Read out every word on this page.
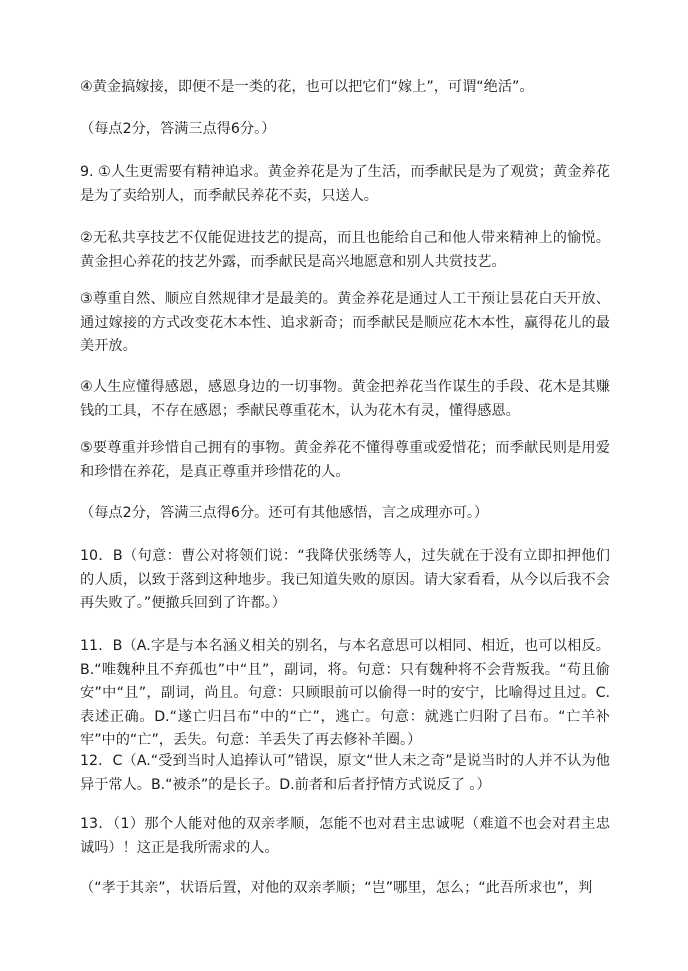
④黄金搞嫁接，即便不是一类的花，也可以把它们“嫁上”，可谓“绝活”。

（每点2分，答满三点得6分。）

9. ①人生更需要有精神追求。黄金养花是为了生活，而季献民是为了观赏；黄金养花是为了卖给别人，而季献民养花不卖，只送人。

②无私共享技艺不仅能促进技艺的提高，而且也能给自己和他人带来精神上的愉悦。黄金担心养花的技艺外露，而季献民是高兴地愿意和别人共赏技艺。

③尊重自然、顺应自然规律才是最美的。黄金养花是通过人工干预让昙花白天开放、通过嫁接的方式改变花木本性、追求新奇；而季献民是顺应花木本性，赢得花儿的最美开放。

④人生应懂得感恩，感恩身边的一切事物。黄金把养花当作谋生的手段、花木是其赚钱的工具，不存在感恩；季献民尊重花木，认为花木有灵，懂得感恩。

⑤要尊重并珍惜自己拥有的事物。黄金养花不懂得尊重或爱惜花；而季献民则是用爱和珍惜在养花，是真正尊重并珍惜花的人。

（每点2分，答满三点得6分。还可有其他感悟，言之成理亦可。）

10．B（句意：曹公对将领们说：“我降伏张绣等人，过失就在于没有立即扣押他们的人质，以致于落到这种地步。我已知道失败的原因。请大家看看，从今以后我不会再失败了。”便撤兵回到了许都。）

11．B（A.字是与本名涵义相关的别名，与本名意思可以相同、相近，也可以相反。B.“唯魏种且不弃孤也”中“且”，副词，将。句意：只有魏种将不会背叛我。“苟且偷安”中“且”，副词，尚且。句意：只顾眼前可以偷得一时的安宁，比喻得过且过。C.表述正确。D.“遂亡归吕布”中的“亡”，逃亡。句意：就逃亡归附了吕布。“亡羊补牢”中的“亡”，丢失。句意：羊丢失了再去修补羊圈。）

12．C（A.“受到当时人追捧认可”错误，原文“世人未之奇”是说当时的人并不认为他异于常人。B.“被杀”的是长子。D.前者和后者抒情方式说反了 。）

13．（1）那个人能对他的双亲孝顺，怎能不也对君主忠诚呢（难道不也会对君主忠诚吗）！这正是我所需求的人。

（“孝于其亲”，状语后置，对他的双亲孝顺；“岂”哪里，怎么；“此吾所求也”，判
